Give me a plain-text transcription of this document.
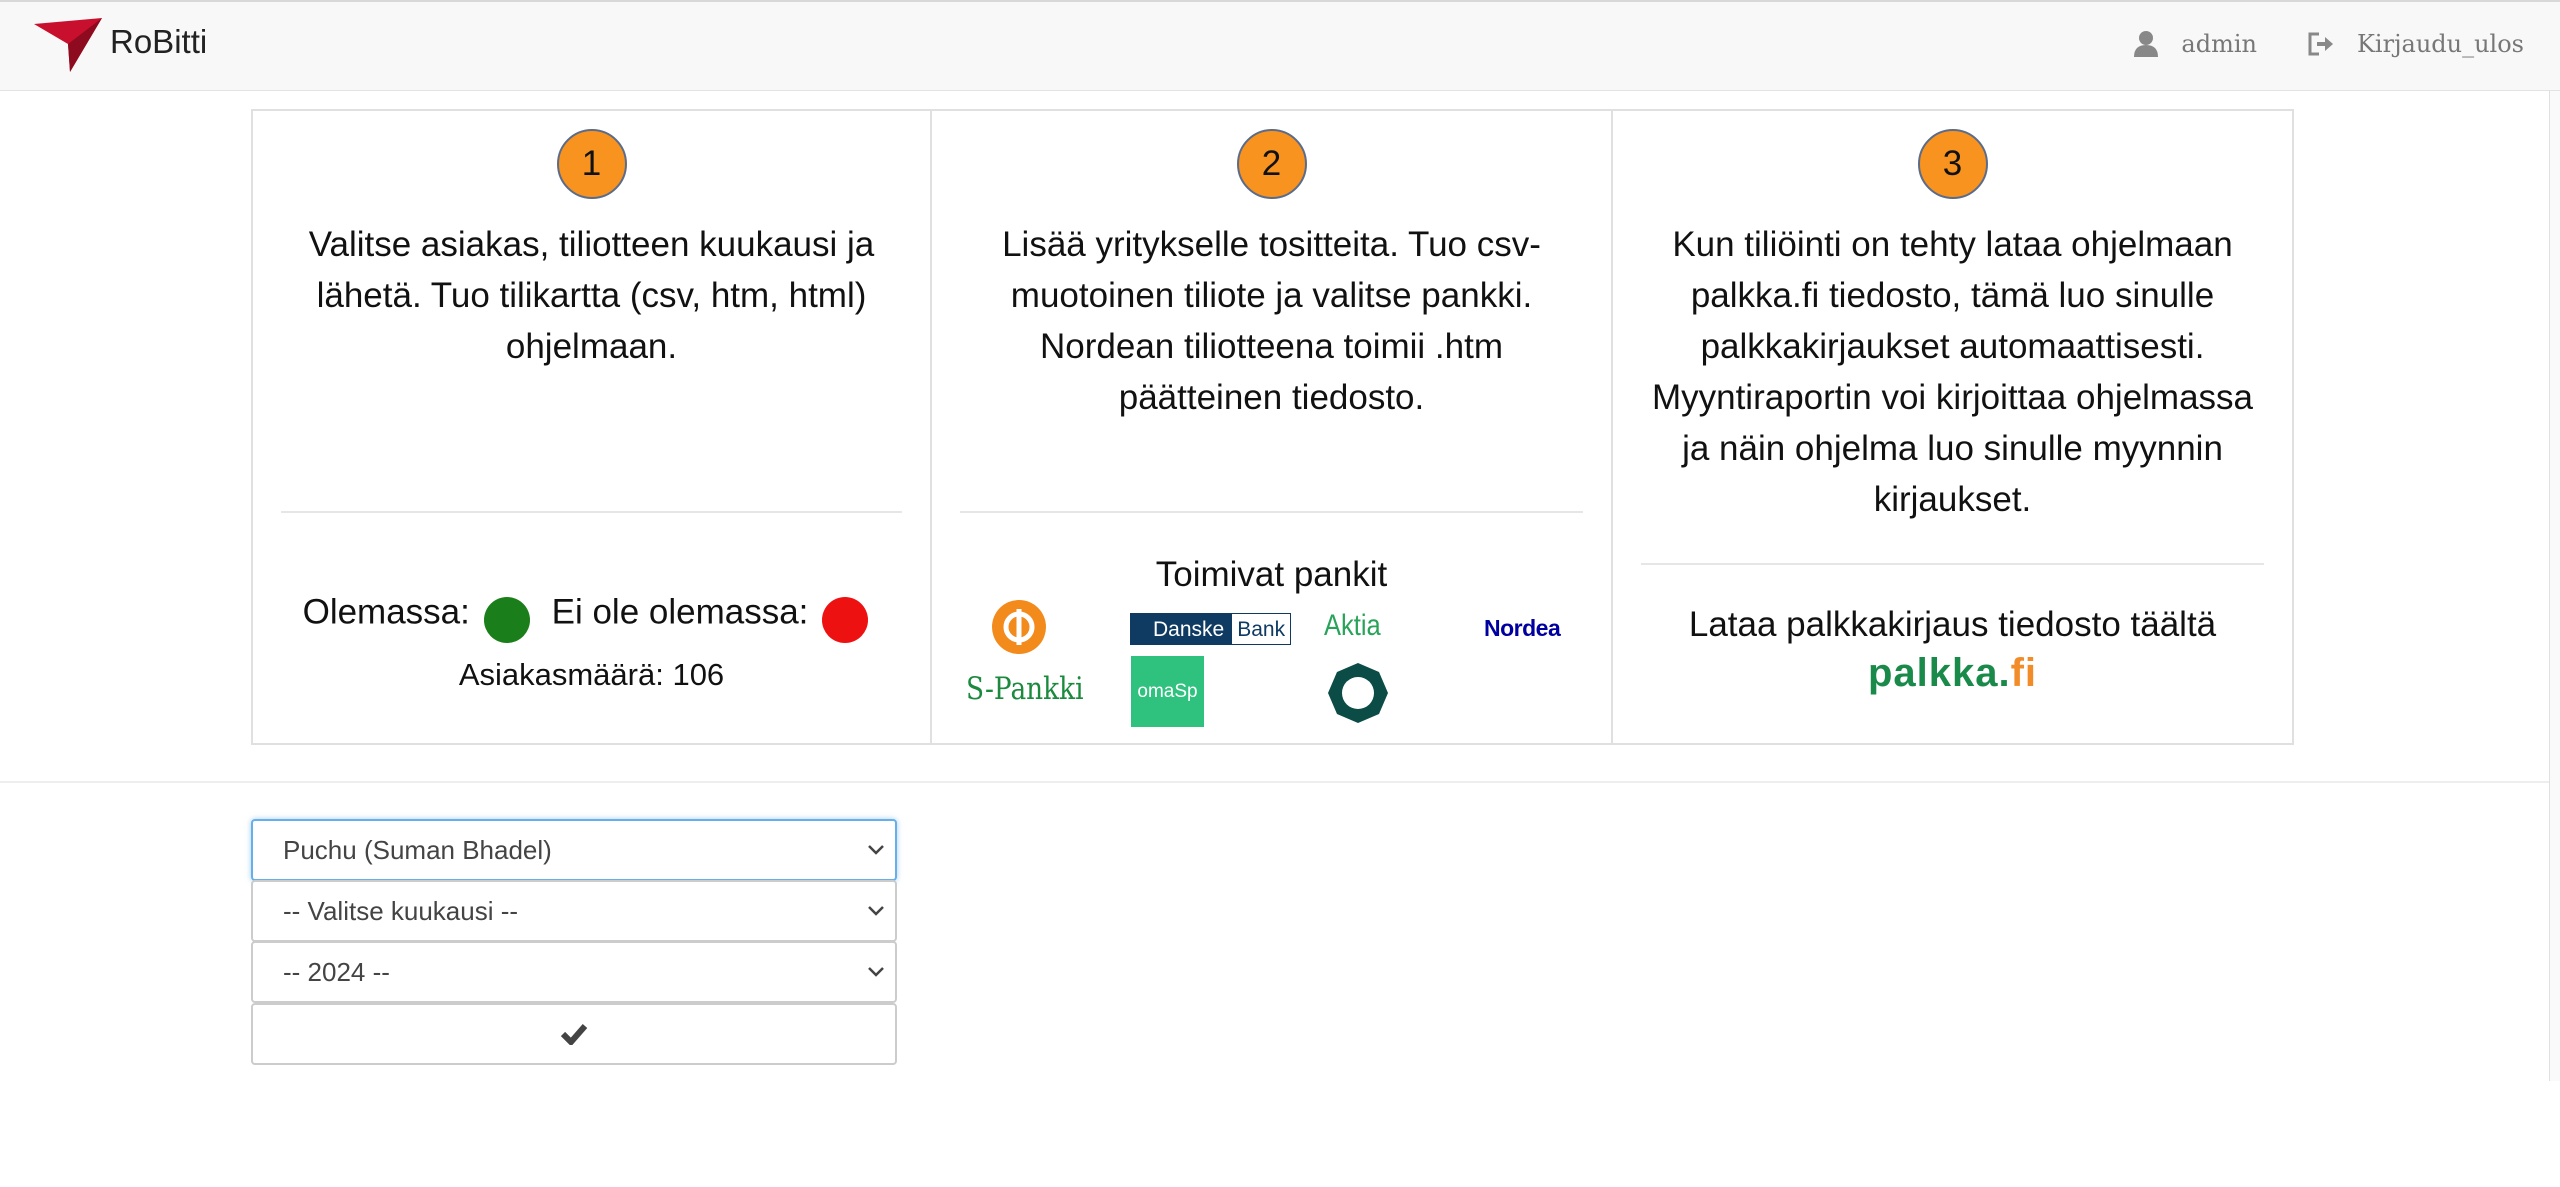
RoBitti	admin	Kirjaudu_ulos
1
Valitse asiakas, tiliotteen kuukausi ja lähetä. Tuo tilikartta (csv, htm, html) ohjelmaan.
Olemassa: Ei ole olemassa:
Asiakasmäärä: 106
2
Lisää yritykselle tositteita. Tuo csv-muotoinen tiliote ja valitse pankki. Nordean tiliotteena toimii .htm päätteinen tiedosto.
Toimivat pankit
Danske Bank Aktia	Nordea
S-Pankki	omaSp
3
Kun tiliöinti on tehty lataa ohjelmaan palkka.fi tiedosto, tämä luo sinulle palkkakirjaukset automaattisesti. Myyntiraportin voi kirjoittaa ohjelmassa ja näin ohjelma luo sinulle myynnin kirjaukset.
Lataa palkkakirjaus tiedosto täältä
palkka.fi
Puchu (Suman Bhadel)
-- Valitse kuukausi --
-- 2024 --
